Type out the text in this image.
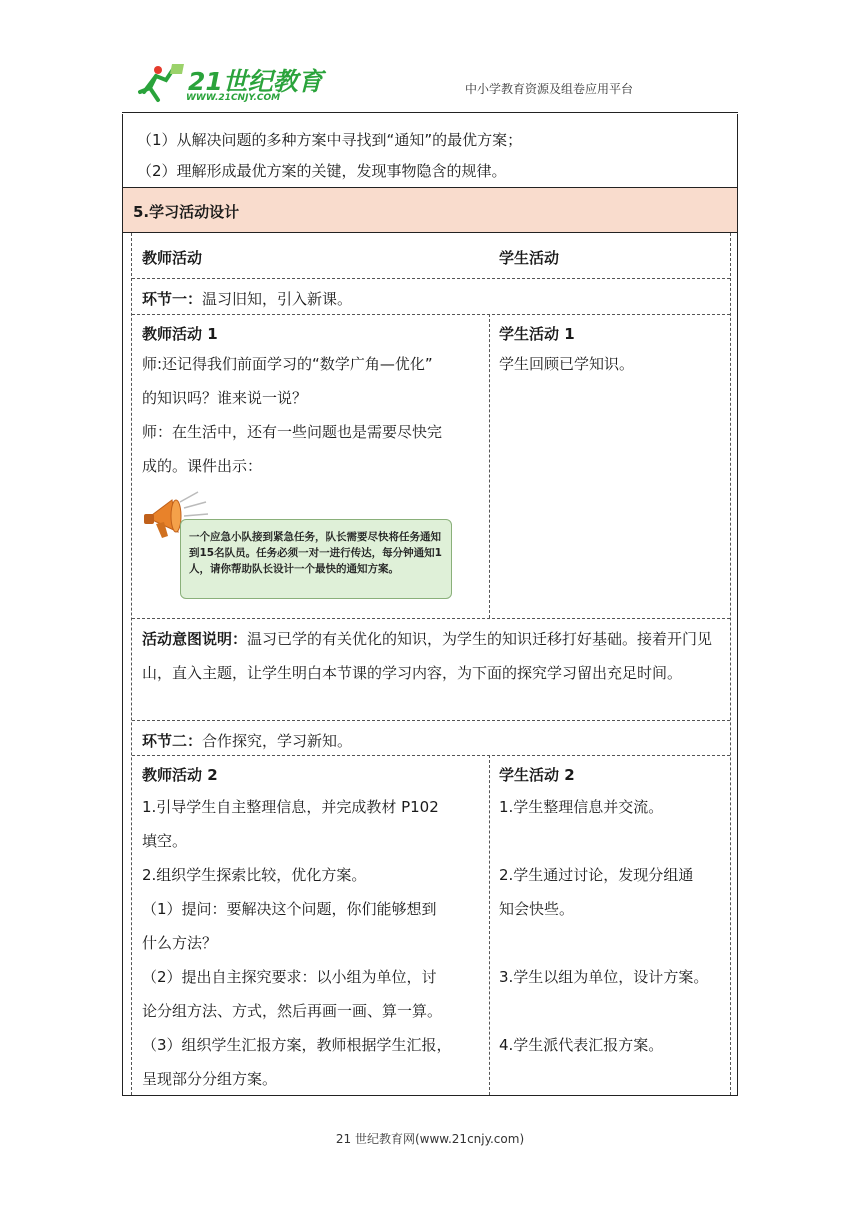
21世纪教育
WWW.21CNJY.COM
中小学教育资源及组卷应用平台
（1）从解决问题的多种方案中寻找到“通知”的最优方案；
（2）理解形成最优方案的关键，发现事物隐含的规律。
5.学习活动设计
教师活动	学生活动
环节一：温习旧知，引入新课。
教师活动 1
师:还记得我们前面学习的“数学广角—优化”
的知识吗？谁来说一说？
师：在生活中，还有一些问题也是需要尽快完
成的。课件出示：
一个应急小队接到紧急任务，队长需要尽快将任务通知到15名队员。任务必须一对一进行传达，每分钟通知1人，请你帮助队长设计一个最快的通知方案。
学生活动 1
学生回顾已学知识。
活动意图说明：温习已学的有关优化的知识，为学生的知识迁移打好基础。接着开门见山，直入主题，让学生明白本节课的学习内容，为下面的探究学习留出充足时间。
环节二：合作探究，学习新知。
教师活动 2
1.引导学生自主整理信息，并完成教材 P102
填空。
2.组织学生探索比较，优化方案。
（1）提问：要解决这个问题，你们能够想到
什么方法？
（2）提出自主探究要求：以小组为单位，讨
论分组方法、方式，然后再画一画、算一算。
（3）组织学生汇报方案，教师根据学生汇报，
呈现部分分组方案。
学生活动 2
1.学生整理信息并交流。
2.学生通过讨论，发现分组通
知会快些。
3.学生以组为单位，设计方案。
4.学生派代表汇报方案。
21 世纪教育网(www.21cnjy.com)
